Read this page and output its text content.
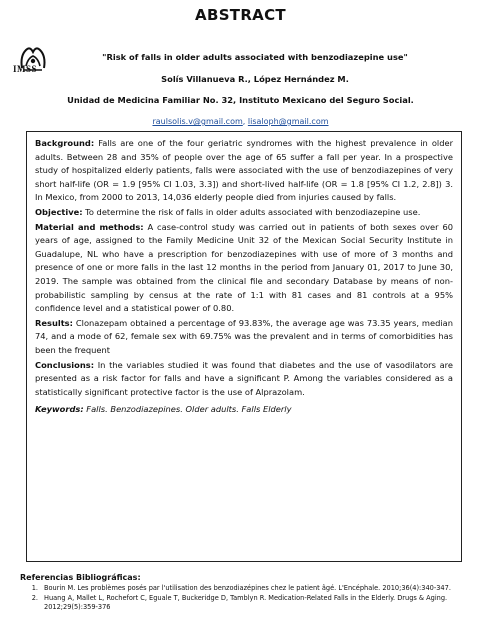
ABSTRACT
IMSS
"Risk of falls in older adults associated with benzodiazepine use"
Solís Villanueva R., López Hernández M.
Unidad de Medicina Familiar No. 32, Instituto Mexicano del Seguro Social.
raulsolis.v@gmail.com, lisaloph@gmail.com

Background: Falls are one of the four geriatric syndromes with the highest prevalence in older adults. Between 28 and 35% of people over the age of 65 suffer a fall per year. In a prospective study of hospitalized elderly patients, falls were associated with the use of benzodiazepines of very short half-life (OR = 1.9 [95% CI 1.03, 3.3]) and short-lived half-life (OR = 1.8 [95% CI 1.2, 2.8]) 3. In Mexico, from 2000 to 2013, 14,036 elderly people died from injuries caused by falls.

Objective: To determine the risk of falls in older adults associated with benzodiazepine use.

Material and methods: A case-control study was carried out in patients of both sexes over 60 years of age, assigned to the Family Medicine Unit 32 of the Mexican Social Security Institute in Guadalupe, NL who have a prescription for benzodiazepines with use of more of 3 months and presence of one or more falls in the last 12 months in the period from January 01, 2017 to June 30, 2019. The sample was obtained from the clinical file and secondary Database by means of non-probabilistic sampling by census at the rate of 1:1 with 81 cases and 81 controls at a 95% confidence level and a statistical power of 0.80.

Results: Clonazepam obtained a percentage of 93.83%, the average age was 73.35 years, median 74, and a mode of 62, female sex with 69.75% was the prevalent and in terms of comorbidities has been the frequent

Conclusions: In the variables studied it was found that diabetes and the use of vasodilators are presented as a risk factor for falls and have a significant P. Among the variables considered as a statistically significant protective factor is the use of Alprazolam.

Keywords: Falls. Benzodiazepines. Older adults. Falls Elderly

Referencias Bibliográficas:
1. Bourin M. Les problèmes posés par l'utilisation des benzodiazépines chez le patient âgé. L'Encéphale. 2010;36(4):340-347.
2. Huang A, Mallet L, Rochefort C, Eguale T, Buckeridge D, Tamblyn R. Medication-Related Falls in the Elderly. Drugs & Aging. 2012;29(5):359-376
